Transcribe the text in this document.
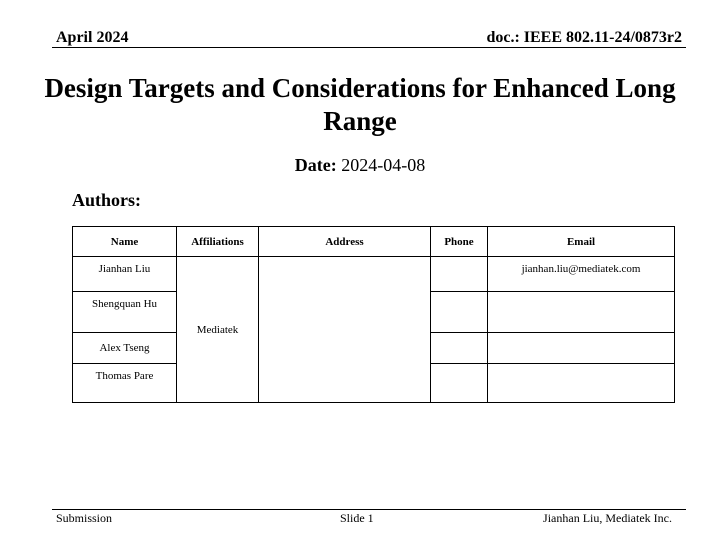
April 2024	doc.: IEEE 802.11-24/0873r2
Design Targets and Considerations for Enhanced Long Range
Date: 2024-04-08
Authors:
Name	Affiliations	Address	Phone	Email
Jianhan Liu	Mediatek			jianhan.liu@mediatek.com
Shengquan Hu				
Alex Tseng				
Thomas Pare				
Submission	Slide 1	Jianhan Liu, Mediatek Inc.
